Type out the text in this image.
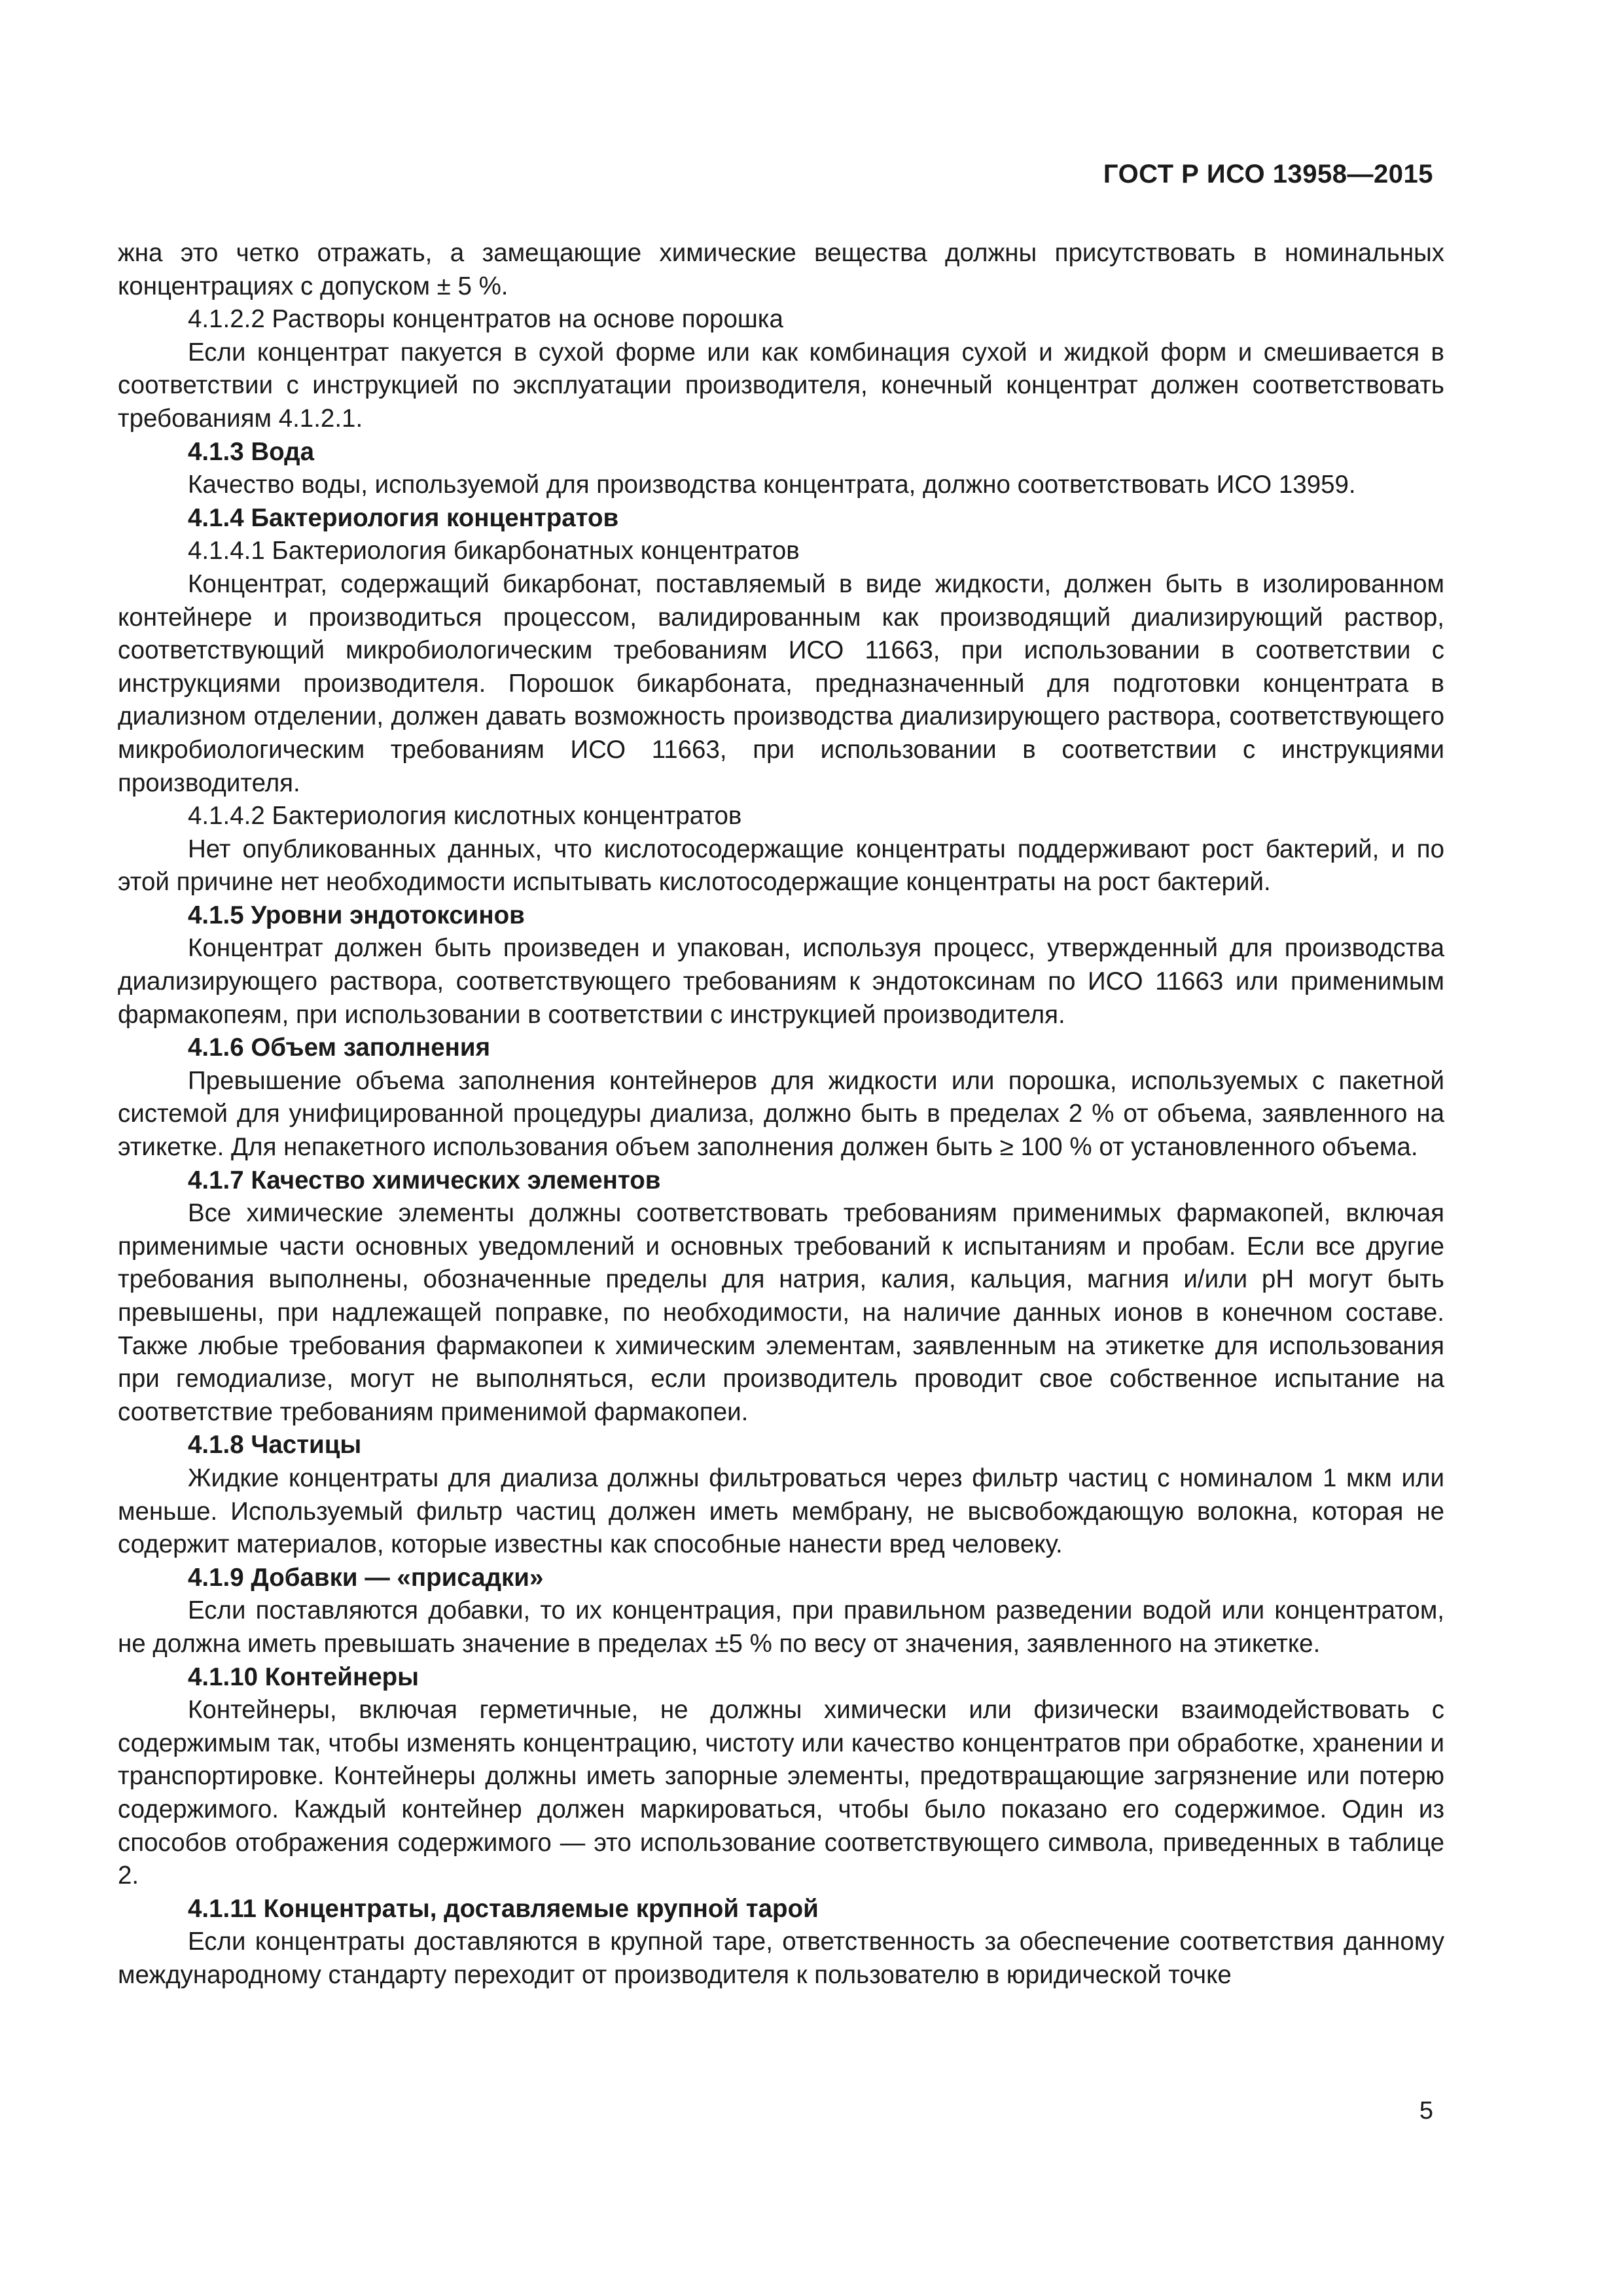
ГОСТ Р ИСО 13958—2015

жна это четко отражать, а замещающие химические вещества должны присутствовать в номинальных концентрациях с допуском ± 5 %.

4.1.2.2 Растворы концентратов на основе порошка

Если концентрат пакуется в сухой форме или как комбинация сухой и жидкой форм и смешивается в соответствии с инструкцией по эксплуатации производителя, конечный концентрат должен соответствовать требованиям 4.1.2.1.

4.1.3 Вода

Качество воды, используемой для производства концентрата, должно соответствовать ИСО 13959.

4.1.4 Бактериология концентратов

4.1.4.1 Бактериология бикарбонатных концентратов

Концентрат, содержащий бикарбонат, поставляемый в виде жидкости, должен быть в изолированном контейнере и производиться процессом, валидированным как производящий диализирующий раствор, соответствующий микробиологическим требованиям ИСО 11663, при использовании в соответствии с инструкциями производителя. Порошок бикарбоната, предназначенный для подготовки концентрата в диализном отделении, должен давать возможность производства диализирующего раствора, соответствующего микробиологическим требованиям ИСО 11663, при использовании в соответствии с инструкциями производителя.

4.1.4.2 Бактериология кислотных концентратов

Нет опубликованных данных, что кислотосодержащие концентраты поддерживают рост бактерий, и по этой причине нет необходимости испытывать кислотосодержащие концентраты на рост бактерий.

4.1.5 Уровни эндотоксинов

Концентрат должен быть произведен и упакован, используя процесс, утвержденный для производства диализирующего раствора, соответствующего требованиям к эндотоксинам по ИСО 11663 или применимым фармакопеям, при использовании в соответствии с инструкцией производителя.

4.1.6 Объем заполнения

Превышение объема заполнения контейнеров для жидкости или порошка, используемых с пакетной системой для унифицированной процедуры диализа, должно быть в пределах 2 % от объема, заявленного на этикетке. Для непакетного использования объем заполнения должен быть ≥ 100 % от установленного объема.

4.1.7 Качество химических элементов

Все химические элементы должны соответствовать требованиям применимых фармакопей, включая применимые части основных уведомлений и основных требований к испытаниям и пробам. Если все другие требования выполнены, обозначенные пределы для натрия, калия, кальция, магния и/или pH могут быть превышены, при надлежащей поправке, по необходимости, на наличие данных ионов в конечном составе. Также любые требования фармакопеи к химическим элементам, заявленным на этикетке для использования при гемодиализе, могут не выполняться, если производитель проводит свое собственное испытание на соответствие требованиям применимой фармакопеи.

4.1.8 Частицы

Жидкие концентраты для диализа должны фильтроваться через фильтр частиц с номиналом 1 мкм или меньше. Используемый фильтр частиц должен иметь мембрану, не высвобождающую волокна, которая не содержит материалов, которые известны как способные нанести вред человеку.

4.1.9 Добавки — «присадки»

Если поставляются добавки, то их концентрация, при правильном разведении водой или концентратом, не должна иметь превышать значение в пределах ±5 % по весу от значения, заявленного на этикетке.

4.1.10 Контейнеры

Контейнеры, включая герметичные, не должны химически или физически взаимодействовать с содержимым так, чтобы изменять концентрацию, чистоту или качество концентратов при обработке, хранении и транспортировке. Контейнеры должны иметь запорные элементы, предотвращающие загрязнение или потерю содержимого. Каждый контейнер должен маркироваться, чтобы было показано его содержимое. Один из способов отображения содержимого — это использование соответствующего символа, приведенных в таблице 2.

4.1.11 Концентраты, доставляемые крупной тарой

Если концентраты доставляются в крупной таре, ответственность за обеспечение соответствия данному международному стандарту переходит от производителя к пользователю в юридической точке

5
